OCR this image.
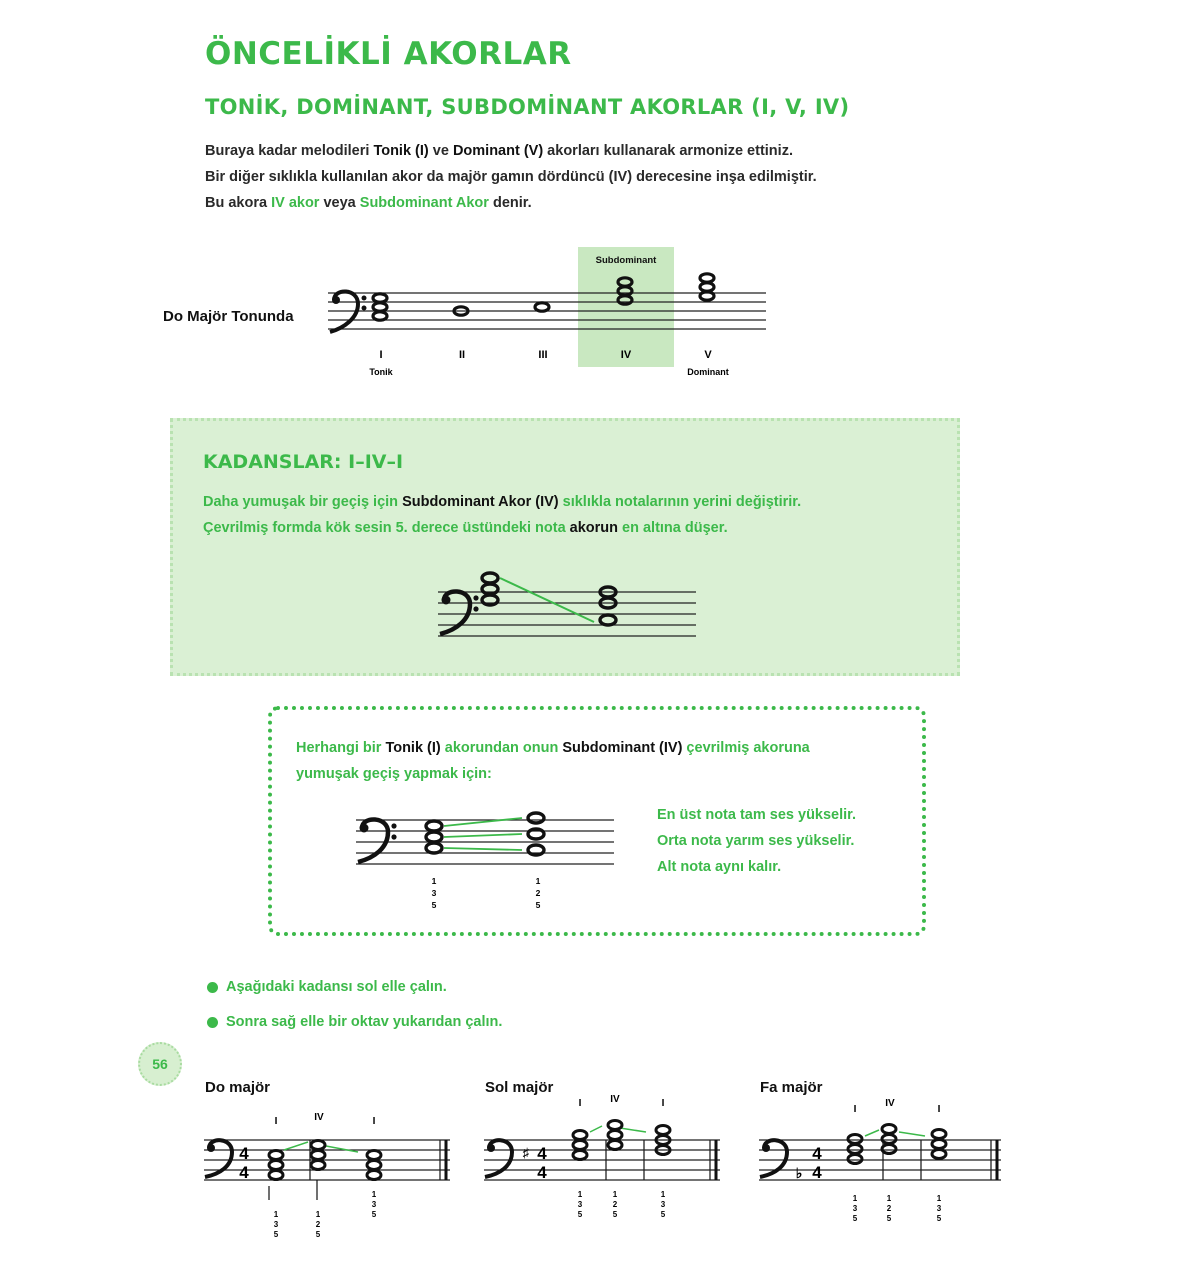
ÖNCELİKLİ AKORLAR
TONİK, DOMİNANT, SUBDOMİNANT AKORLAR (I, V, IV)
Buraya kadar melodileri Tonik (I) ve Dominant (V) akorları kullanarak armonize ettiniz.
Bir diğer sıklıkla kullanılan akor da majör gamın dördüncü (IV) derecesine inşa edilmiştir.
Bu akora IV akor veya Subdominant Akor denir.
Do Majör Tonunda
Subdominant
I	II	III	IV	V
Tonik	Dominant
KADANSLAR: I–IV–I
Daha yumuşak bir geçiş için Subdominant Akor (IV) sıklıkla notalarının yerini değiştirir.
Çevrilmiş formda kök sesin 5. derece üstündeki nota akorun en altına düşer.
Herhangi bir Tonik (I) akorundan onun Subdominant (IV) çevrilmiş akoruna
yumuşak geçiş yapmak için:
1
3
5
1
2
5
En üst nota tam ses yükselir.
Orta nota yarım ses yükselir.
Alt nota aynı kalır.
Aşağıdaki kadansı sol elle çalın.
Sonra sağ elle bir oktav yukarıdan çalın.
56
Do majör
4
4
I	IV	I
1
3
5
1
2
5
1
3
5
Sol majör
♯ 4
4
I	IV	I
1
3
5
1
2
5
1
3
5
Fa majör
♭
4
4
I
IV
I
1
3
5
1
2
5
1
3
5
